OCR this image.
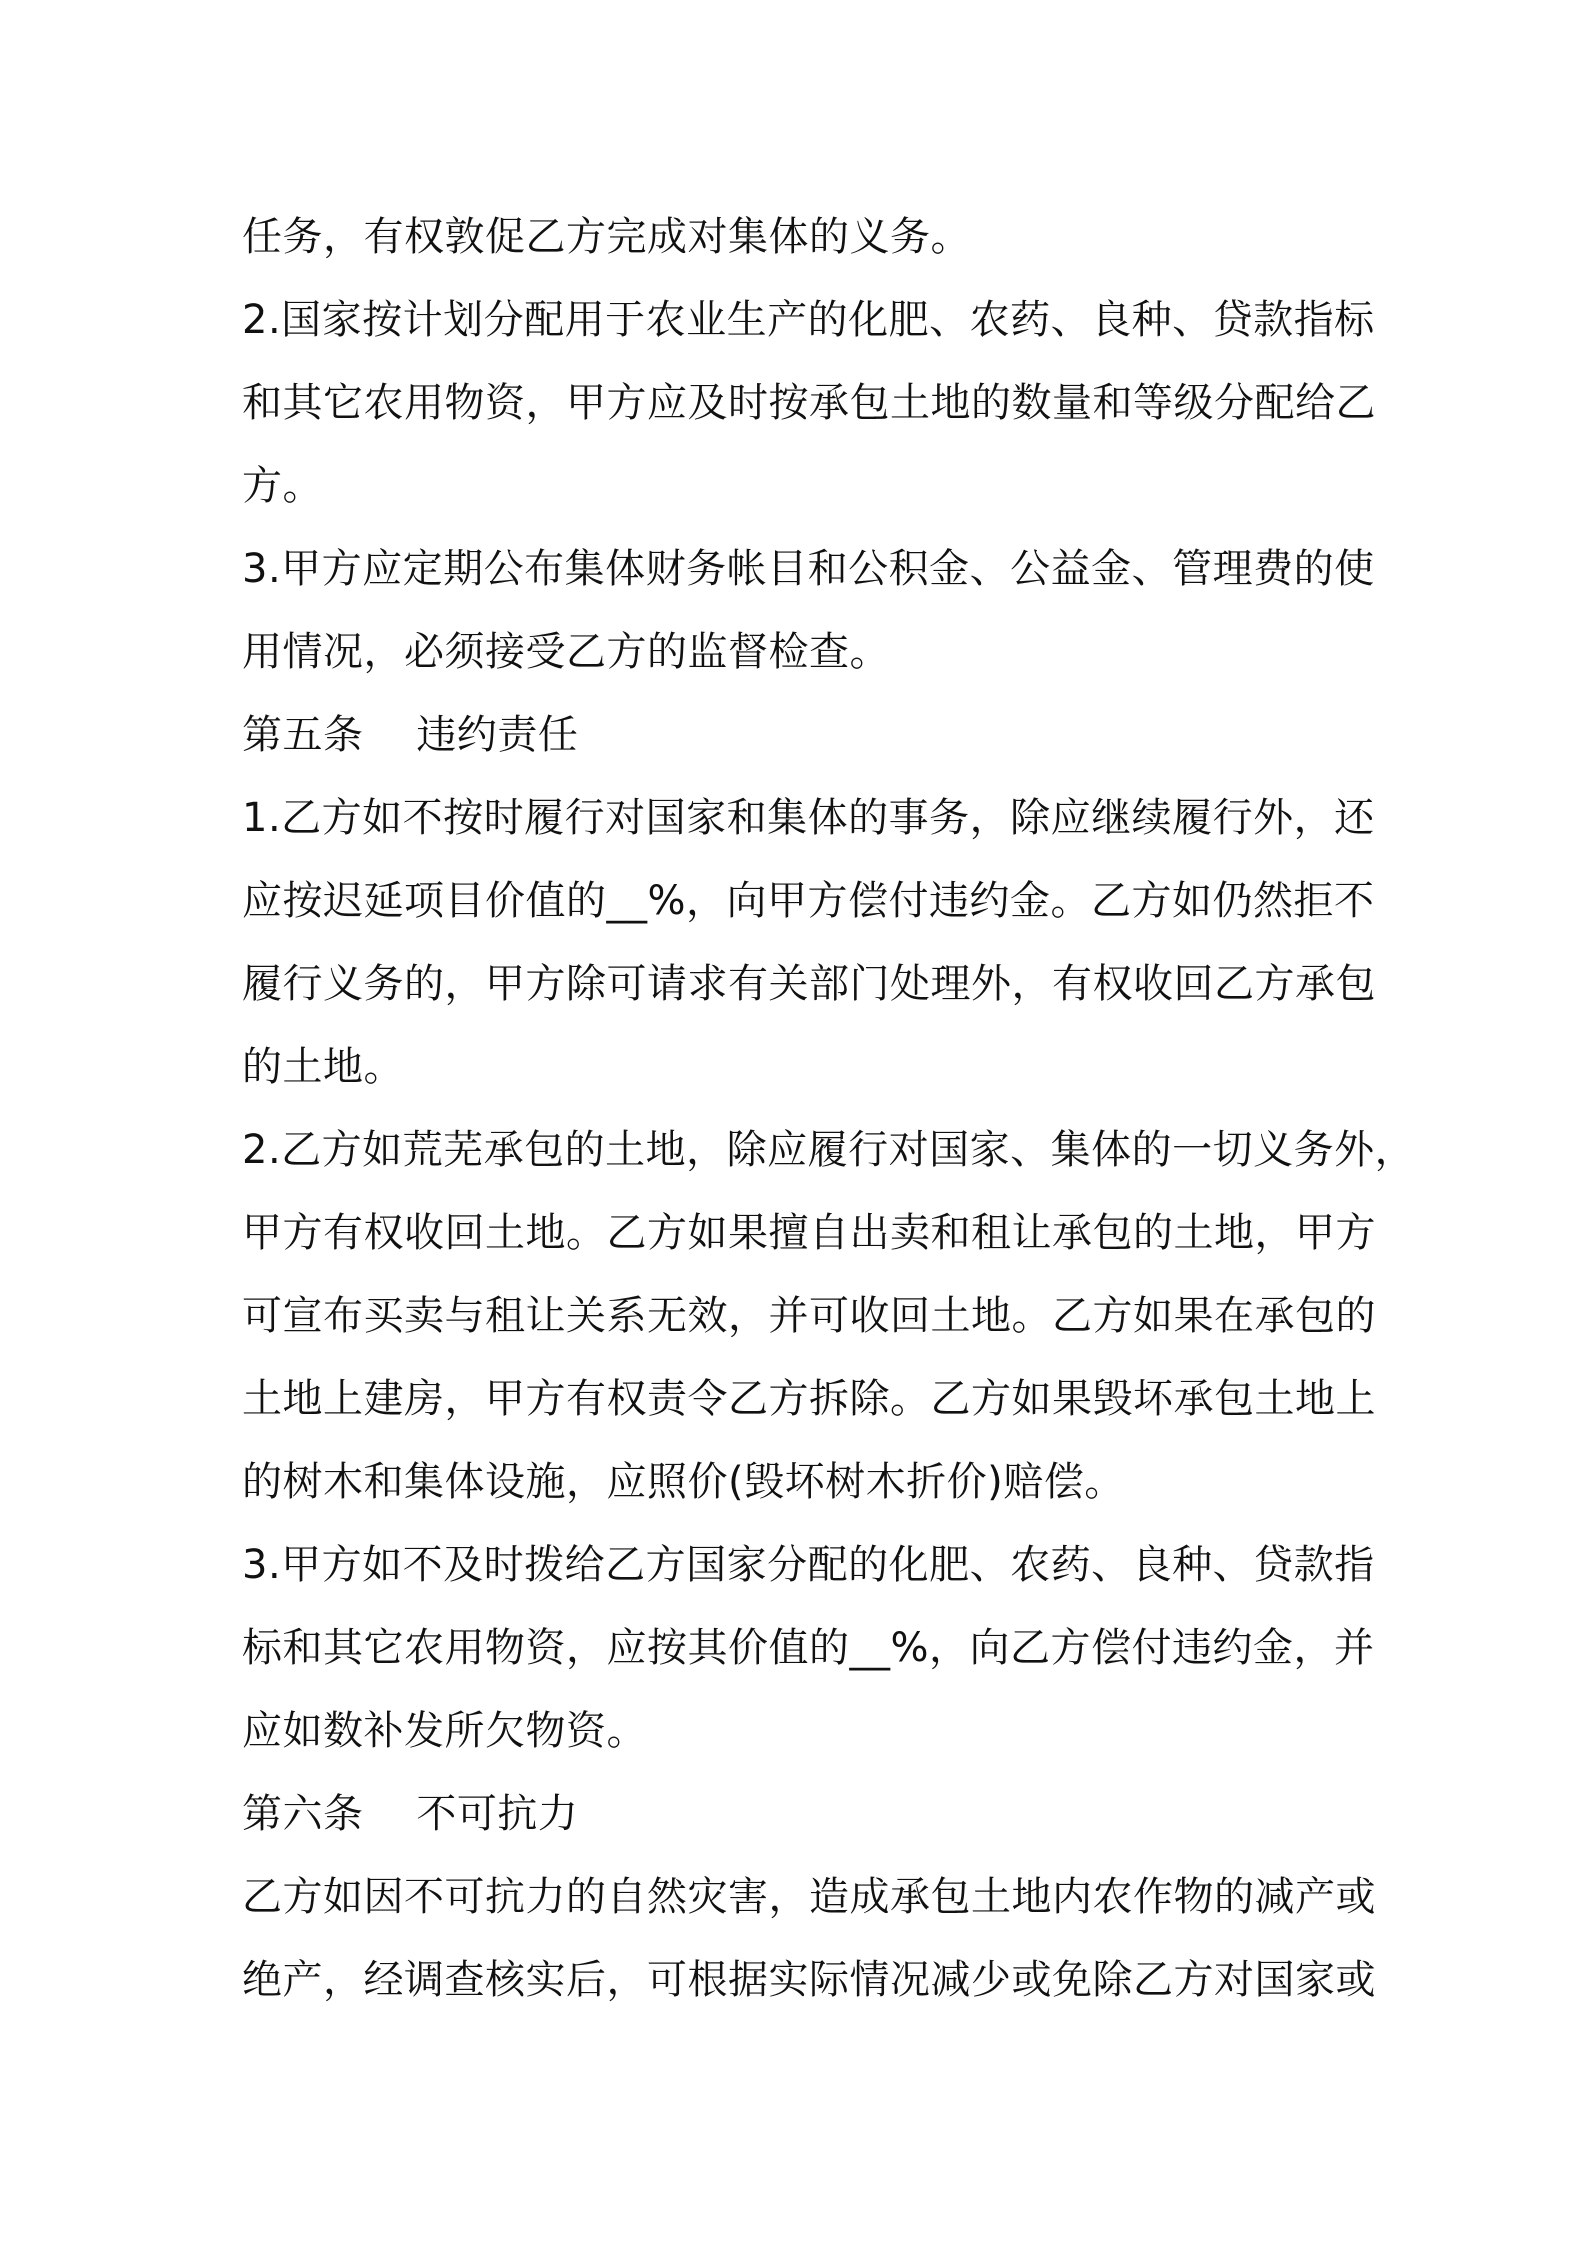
任务，有权敦促乙方完成对集体的义务。
2.国家按计划分配用于农业生产的化肥、农药、良种、贷款指标
和其它农用物资，甲方应及时按承包土地的数量和等级分配给乙
方。
3.甲方应定期公布集体财务帐目和公积金、公益金、管理费的使
用情况，必须接受乙方的监督检查。
第五条    违约责任
1.乙方如不按时履行对国家和集体的事务，除应继续履行外，还
应按迟延项目价值的__%，向甲方偿付违约金。乙方如仍然拒不
履行义务的，甲方除可请求有关部门处理外，有权收回乙方承包
的土地。
2.乙方如荒芜承包的土地，除应履行对国家、集体的一切义务外，
甲方有权收回土地。乙方如果擅自出卖和租让承包的土地，甲方
可宣布买卖与租让关系无效，并可收回土地。乙方如果在承包的
土地上建房，甲方有权责令乙方拆除。乙方如果毁坏承包土地上
的树木和集体设施，应照价(毁坏树木折价)赔偿。
3.甲方如不及时拨给乙方国家分配的化肥、农药、良种、贷款指
标和其它农用物资，应按其价值的__%，向乙方偿付违约金，并
应如数补发所欠物资。
第六条    不可抗力
乙方如因不可抗力的自然灾害，造成承包土地内农作物的减产或
绝产，经调查核实后，可根据实际情况减少或免除乙方对国家或
